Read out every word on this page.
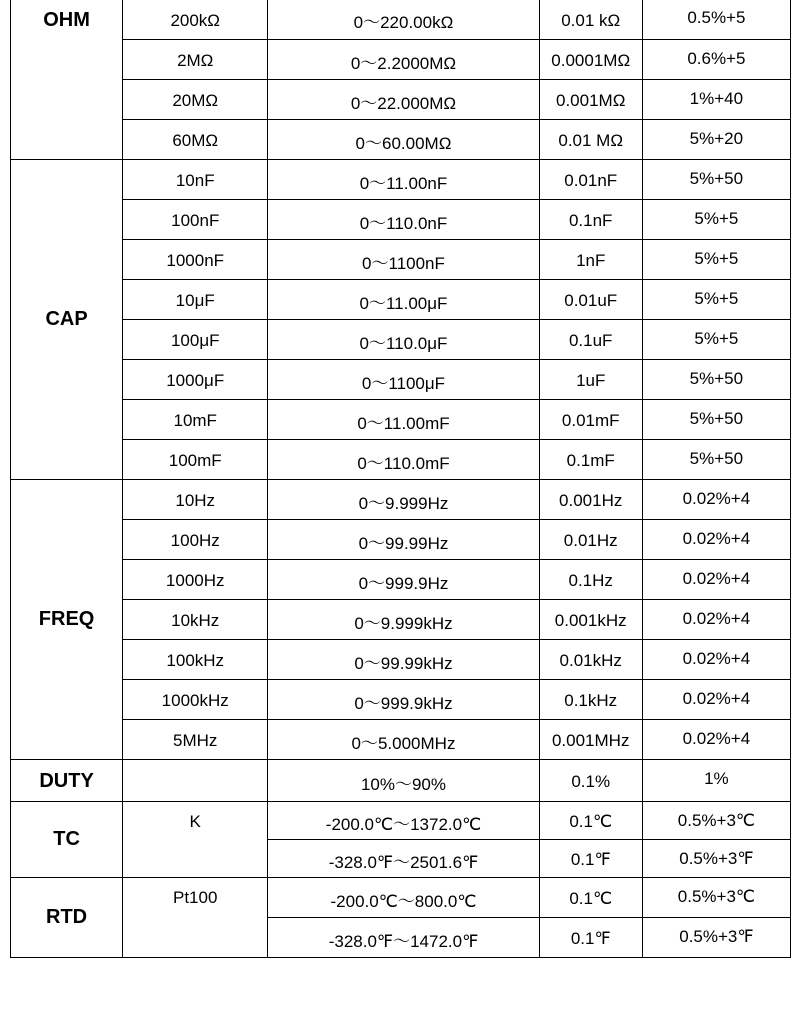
OHM	200kΩ	0～220.00kΩ	0.01 kΩ	0.5%+5
	2MΩ	0～2.2000MΩ	0.0001MΩ	0.6%+5
	20MΩ	0～22.000MΩ	0.001MΩ	1%+40
	60MΩ	0～60.00MΩ	0.01 MΩ	5%+20
CAP	10nF	0～11.00nF	0.01nF	5%+50
	100nF	0～110.0nF	0.1nF	5%+5
	1000nF	0～1100nF	1nF	5%+5
	10μF	0～11.00μF	0.01uF	5%+5
	100μF	0～110.0μF	0.1uF	5%+5
	1000μF	0～1100μF	1uF	5%+50
	10mF	0～11.00mF	0.01mF	5%+50
	100mF	0～110.0mF	0.1mF	5%+50
FREQ	10Hz	0～9.999Hz	0.001Hz	0.02%+4
	100Hz	0～99.99Hz	0.01Hz	0.02%+4
	1000Hz	0～999.9Hz	0.1Hz	0.02%+4
	10kHz	0～9.999kHz	0.001kHz	0.02%+4
	100kHz	0～99.99kHz	0.01kHz	0.02%+4
	1000kHz	0～999.9kHz	0.1kHz	0.02%+4
	5MHz	0～5.000MHz	0.001MHz	0.02%+4
DUTY		10%～90%	0.1%	1%
TC	K	-200.0℃～1372.0℃	0.1℃	0.5%+3℃
		-328.0℉～2501.6℉	0.1℉	0.5%+3℉
RTD	Pt100	-200.0℃～800.0℃	0.1℃	0.5%+3℃
		-328.0℉～1472.0℉	0.1℉	0.5%+3℉
